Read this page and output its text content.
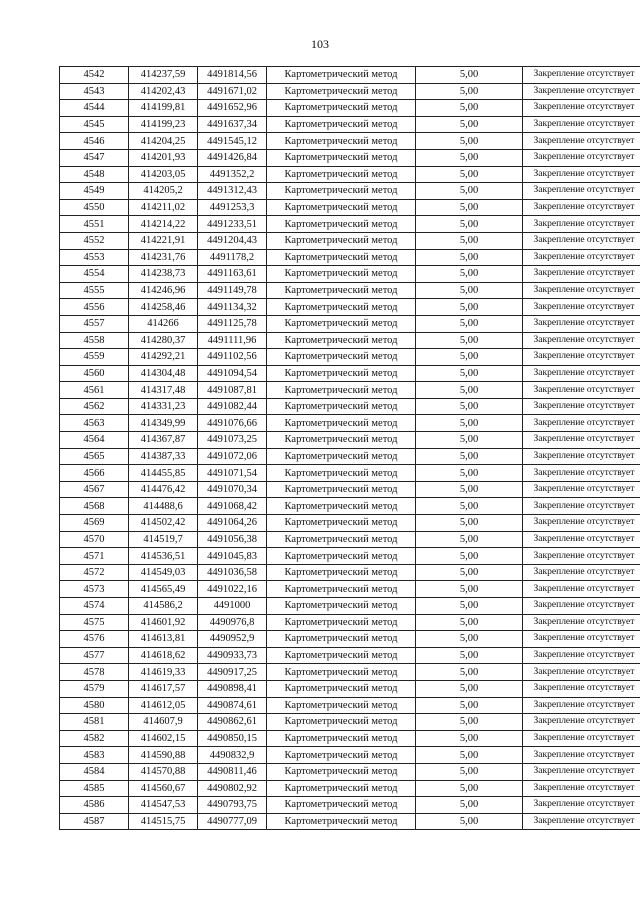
103
4542	414237,59	4491814,56	Картометрический метод	5,00	Закрепление отсутствует
4543	414202,43	4491671,02	Картометрический метод	5,00	Закрепление отсутствует
4544	414199,81	4491652,96	Картометрический метод	5,00	Закрепление отсутствует
4545	414199,23	4491637,34	Картометрический метод	5,00	Закрепление отсутствует
4546	414204,25	4491545,12	Картометрический метод	5,00	Закрепление отсутствует
4547	414201,93	4491426,84	Картометрический метод	5,00	Закрепление отсутствует
4548	414203,05	4491352,2	Картометрический метод	5,00	Закрепление отсутствует
4549	414205,2	4491312,43	Картометрический метод	5,00	Закрепление отсутствует
4550	414211,02	4491253,3	Картометрический метод	5,00	Закрепление отсутствует
4551	414214,22	4491233,51	Картометрический метод	5,00	Закрепление отсутствует
4552	414221,91	4491204,43	Картометрический метод	5,00	Закрепление отсутствует
4553	414231,76	4491178,2	Картометрический метод	5,00	Закрепление отсутствует
4554	414238,73	4491163,61	Картометрический метод	5,00	Закрепление отсутствует
4555	414246,96	4491149,78	Картометрический метод	5,00	Закрепление отсутствует
4556	414258,46	4491134,32	Картометрический метод	5,00	Закрепление отсутствует
4557	414266	4491125,78	Картометрический метод	5,00	Закрепление отсутствует
4558	414280,37	4491111,96	Картометрический метод	5,00	Закрепление отсутствует
4559	414292,21	4491102,56	Картометрический метод	5,00	Закрепление отсутствует
4560	414304,48	4491094,54	Картометрический метод	5,00	Закрепление отсутствует
4561	414317,48	4491087,81	Картометрический метод	5,00	Закрепление отсутствует
4562	414331,23	4491082,44	Картометрический метод	5,00	Закрепление отсутствует
4563	414349,99	4491076,66	Картометрический метод	5,00	Закрепление отсутствует
4564	414367,87	4491073,25	Картометрический метод	5,00	Закрепление отсутствует
4565	414387,33	4491072,06	Картометрический метод	5,00	Закрепление отсутствует
4566	414455,85	4491071,54	Картометрический метод	5,00	Закрепление отсутствует
4567	414476,42	4491070,34	Картометрический метод	5,00	Закрепление отсутствует
4568	414488,6	4491068,42	Картометрический метод	5,00	Закрепление отсутствует
4569	414502,42	4491064,26	Картометрический метод	5,00	Закрепление отсутствует
4570	414519,7	4491056,38	Картометрический метод	5,00	Закрепление отсутствует
4571	414536,51	4491045,83	Картометрический метод	5,00	Закрепление отсутствует
4572	414549,03	4491036,58	Картометрический метод	5,00	Закрепление отсутствует
4573	414565,49	4491022,16	Картометрический метод	5,00	Закрепление отсутствует
4574	414586,2	4491000	Картометрический метод	5,00	Закрепление отсутствует
4575	414601,92	4490976,8	Картометрический метод	5,00	Закрепление отсутствует
4576	414613,81	4490952,9	Картометрический метод	5,00	Закрепление отсутствует
4577	414618,62	4490933,73	Картометрический метод	5,00	Закрепление отсутствует
4578	414619,33	4490917,25	Картометрический метод	5,00	Закрепление отсутствует
4579	414617,57	4490898,41	Картометрический метод	5,00	Закрепление отсутствует
4580	414612,05	4490874,61	Картометрический метод	5,00	Закрепление отсутствует
4581	414607,9	4490862,61	Картометрический метод	5,00	Закрепление отсутствует
4582	414602,15	4490850,15	Картометрический метод	5,00	Закрепление отсутствует
4583	414590,88	4490832,9	Картометрический метод	5,00	Закрепление отсутствует
4584	414570,88	4490811,46	Картометрический метод	5,00	Закрепление отсутствует
4585	414560,67	4490802,92	Картометрический метод	5,00	Закрепление отсутствует
4586	414547,53	4490793,75	Картометрический метод	5,00	Закрепление отсутствует
4587	414515,75	4490777,09	Картометрический метод	5,00	Закрепление отсутствует
